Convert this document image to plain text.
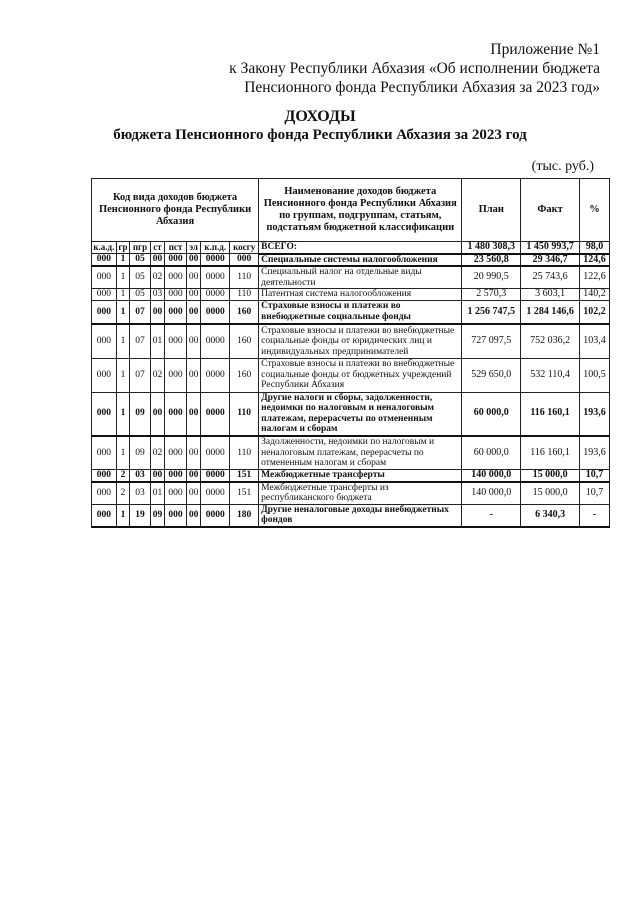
Приложение №1
к Закону Республики Абхазия «Об исполнении бюджета
Пенсионного фонда Республики Абхазия за 2023 год»
ДОХОДЫ
бюджета Пенсионного фонда Республики Абхазия за 2023 год
(тыс. руб.)
Код вида доходов бюджета Пенсионного фонда Республики Абхазия								Наименование доходов бюджета Пенсионного фонда Республики Абхазия по группам, подгруппам, статьям, подстатьям бюджетной классификации	План	Факт	%
к.а.д.	гр	пгр	ст	пст	эл	к.п.д.	косгу	ВСЕГО:	1 480 308,3	1 450 993,7	98,0
000	1	05	00	000	00	0000	000	Специальные системы налогообложения	23 560,8	29 346,7	124,6
000	1	05	02	000	00	0000	110	Специальный налог на отдельные виды деятельности	20 990,5	25 743,6	122,6
000	1	05	03	000	00	0000	110	Патентная система налогообложения	2 570,3	3 603,1	140,2
000	1	07	00	000	00	0000	160	Страховые взносы и платежи во внебюджетные социальные фонды	1 256 747,5	1 284 146,6	102,2
000	1	07	01	000	00	0000	160	Страховые взносы и платежи во внебюджетные социальные фонды от юридических лиц и индивидуальных предпринимателей	727 097,5	752 036,2	103,4
000	1	07	02	000	00	0000	160	Страховые взносы и платежи во внебюджетные социальные фонды от бюджетных учреждений Республики Абхазия	529 650,0	532 110,4	100,5
000	1	09	00	000	00	0000	110	Другие налоги и сборы, задолженности, недоимки по налоговым и неналоговым платежам, перерасчеты по отмененным налогам и сборам	60 000,0	116 160,1	193,6
000	1	09	02	000	00	0000	110	Задолженности, недоимки по налоговым и неналоговым платежам, перерасчеты по отмененным налогам и сборам	60 000,0	116 160,1	193,6
000	2	03	00	000	00	0000	151	Межбюджетные трансферты	140 000,0	15 000,0	10,7
000	2	03	01	000	00	0000	151	Межбюджетные трансферты из республиканского бюджета	140 000,0	15 000,0	10,7
000	1	19	09	000	00	0000	180	Другие неналоговые доходы внебюджетных фондов	-	6 340,3	-
